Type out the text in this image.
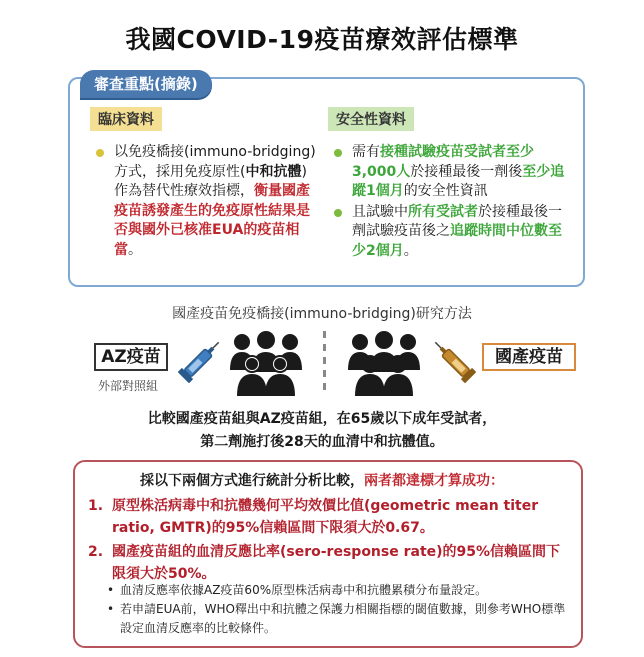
我國COVID-19疫苗療效評估標準
審查重點(摘錄)
臨床資料
以免疫橋接(immuno-bridging)方式，採用免疫原性(中和抗體)作為替代性療效指標，衡量國產疫苗誘發產生的免疫原性結果是否與國外已核准EUA的疫苗相當。
安全性資料
需有接種試驗疫苗受試者至少3,000人於接種最後一劑後至少追蹤1個月的安全性資訊
且試驗中所有受試者於接種最後一劑試驗疫苗後之追蹤時間中位數至少2個月。
國產疫苗免疫橋接(immuno-bridging)研究方法
AZ疫苗
外部對照組
國產疫苗
比較國產疫苗組與AZ疫苗組，在65歲以下成年受試者，
第二劑施打後28天的血清中和抗體值。
採以下兩個方式進行統計分析比較，兩者都達標才算成功：
1. 原型株活病毒中和抗體幾何平均效價比值(geometric mean titer ratio, GMTR)的95%信賴區間下限須大於0.67。
2. 國產疫苗組的血清反應比率(sero-response rate)的95%信賴區間下限須大於50%。
• 血清反應率依據AZ疫苗60%原型株活病毒中和抗體累積分布量設定。
• 若申請EUA前，WHO釋出中和抗體之保護力相關指標的閾值數據，則參考WHO標準設定血清反應率的比較條件。
